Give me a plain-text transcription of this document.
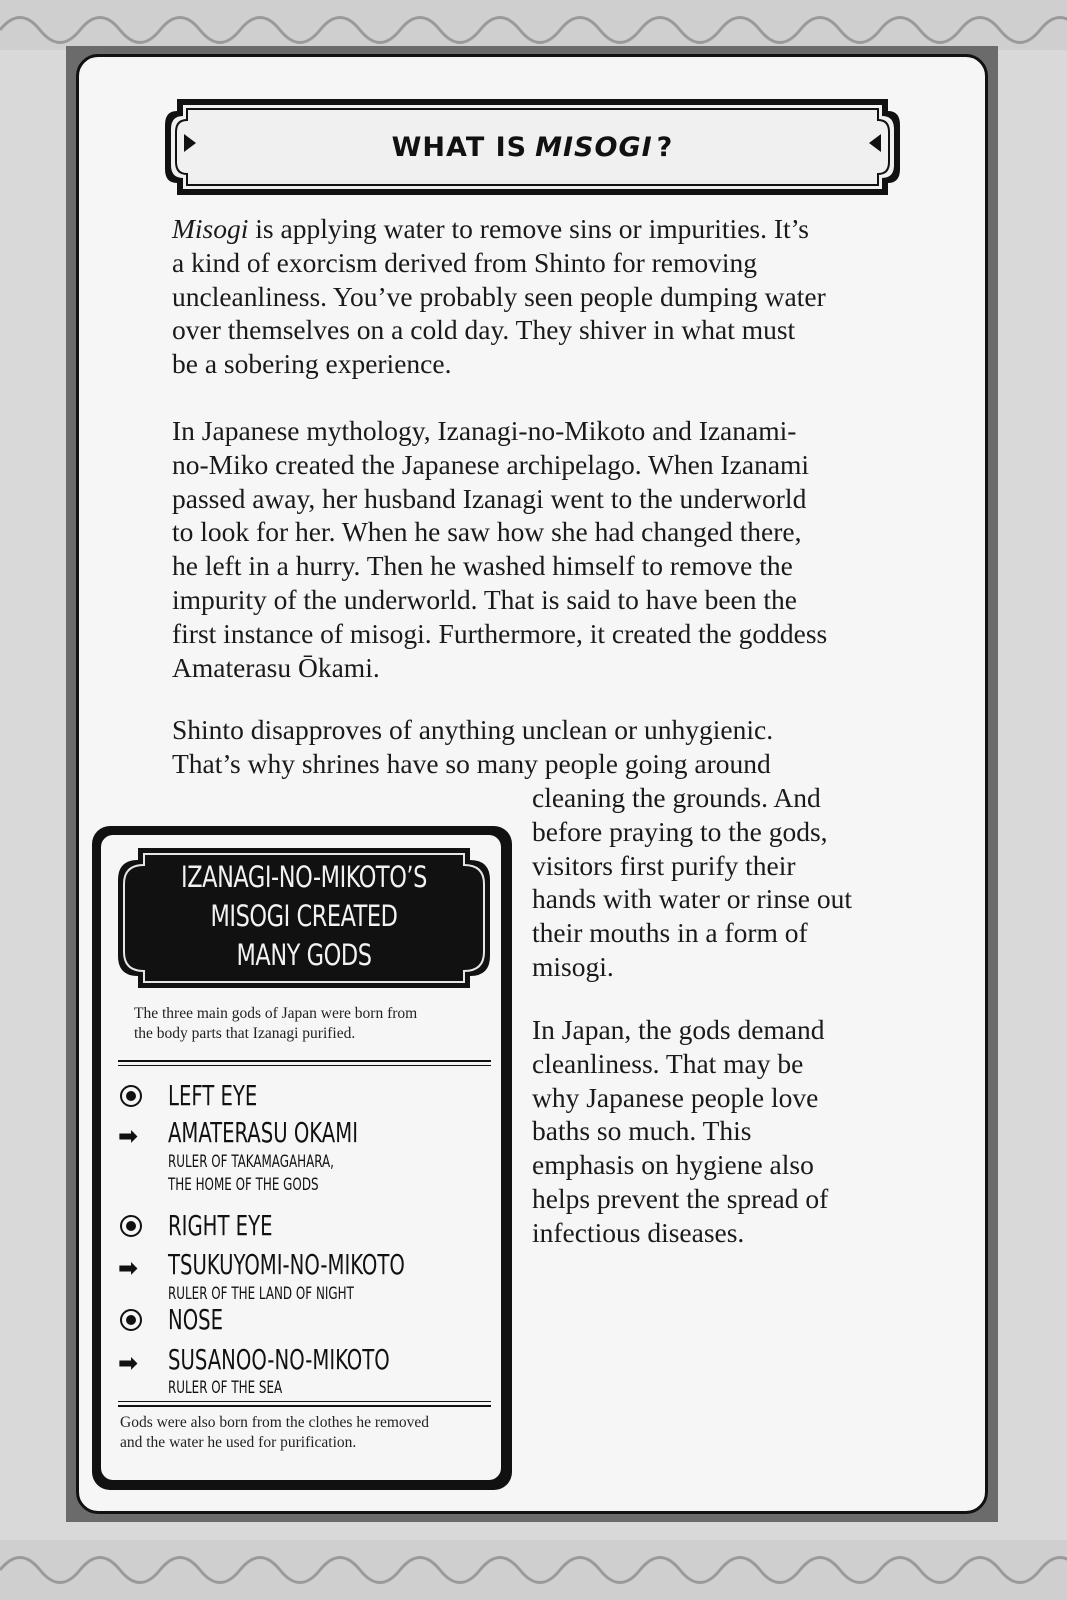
WHAT IS MISOGI ?

Misogi is applying water to remove sins or impurities. It’s

a kind of exorcism derived from Shinto for removing

uncleanliness. You’ve probably seen people dumping water

over themselves on a cold day. They shiver in what must

be a sobering experience.

In Japanese mythology, Izanagi-no-Mikoto and Izanami-

no-Miko created the Japanese archipelago. When Izanami

passed away, her husband Izanagi went to the underworld

to look for her. When he saw how she had changed there,

he left in a hurry. Then he washed himself to remove the

impurity of the underworld. That is said to have been the

first instance of misogi. Furthermore, it created the goddess

Amaterasu Ōkami.

Shinto disapproves of anything unclean or unhygienic.

That’s why shrines have so many people going around

cleaning the grounds. And

before praying to the gods,

visitors first purify their

hands with water or rinse out

their mouths in a form of

misogi.

In Japan, the gods demand

cleanliness. That may be

why Japanese people love

baths so much. This

emphasis on hygiene also

helps prevent the spread of

infectious diseases.

IZANAGI-NO-MIKOTO’S
MISOGI CREATED
MANY GODS
The three main gods of Japan were born from
the body parts that Izanagi purified.
LEFT EYE
➡ AMATERASU OKAMI
RULER OF TAKAMAGAHARA,
THE HOME OF THE GODS
RIGHT EYE
➡ TSUKUYOMI-NO-MIKOTO
RULER OF THE LAND OF NIGHT
NOSE
➡ SUSANOO-NO-MIKOTO
RULER OF THE SEA
Gods were also born from the clothes he removed
and the water he used for purification.
